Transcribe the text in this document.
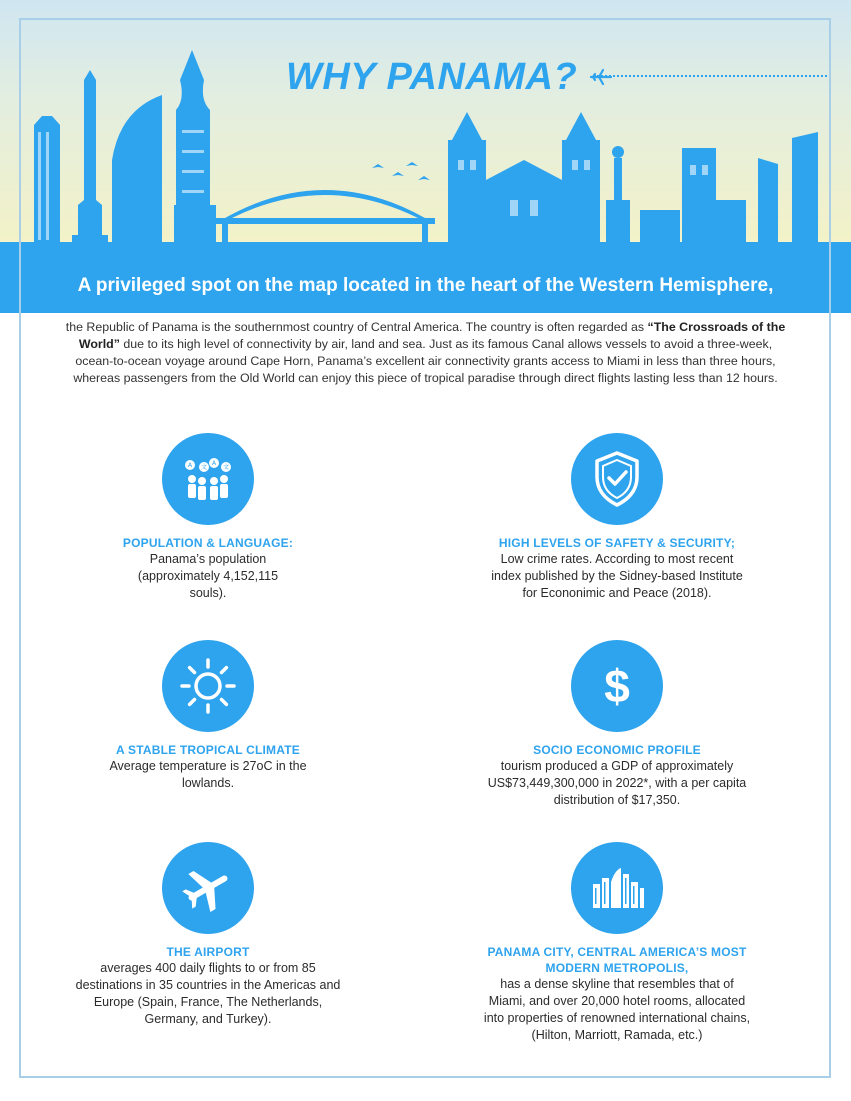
WHY PANAMA?

A privileged spot on the map located in the heart of the Western Hemisphere,

the Republic of Panama is the southernmost country of Central America. The country is often regarded as “The Crossroads of the World” due to its high level of connectivity by air, land and sea. Just as its famous Canal allows vessels to avoid a three-week, ocean-to-ocean voyage around Cape Horn, Panama’s excellent air connectivity grants access to Miami in less than three hours, whereas passengers from the Old World can enjoy this piece of tropical paradise through direct flights lasting less than 12 hours.

A 文
A
文

POPULATION & LANGUAGE:

Panama’s population (approximately 4,152,115 souls).

HIGH LEVELS OF SAFETY & SECURITY;

Low crime rates. According to most recent index published by the Sidney-based Institute for Econonimic and Peace (2018).

A STABLE TROPICAL CLIMATE

Average temperature is 27oC in the lowlands.

$

SOCIO ECONOMIC PROFILE

tourism produced a GDP of approximately US$73,449,300,000 in 2022*, with a per capita distribution of $17,350.

THE AIRPORT

averages 400 daily flights to or from 85 destinations in 35 countries in the Americas and Europe (Spain, France, The Netherlands, Germany, and Turkey).

PANAMA CITY, CENTRAL AMERICA’S MOST MODERN METROPOLIS,

has a dense skyline that resembles that of Miami, and over 20,000 hotel rooms, allocated into properties of renowned international chains, (Hilton, Marriott, Ramada, etc.)
